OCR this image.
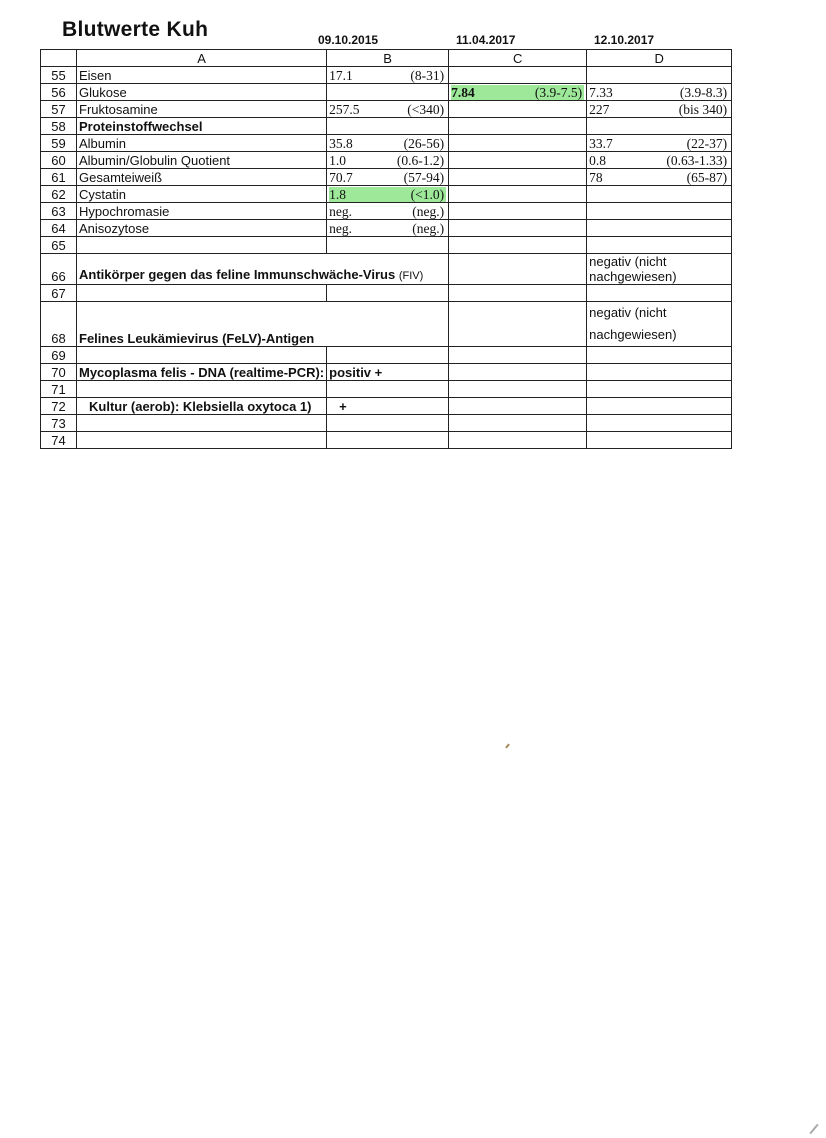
Blutwerte Kuh	09.10.2015	11.04.2017	12.10.2017
	A	B	C	D
55	Eisen	17.1 (8-31)		

56	Glukose		7.84 (3.9-7.5)	7.33 (3.9-8.3)

57	Fruktosamine	257.5 (<340)		227 (bis 340)

58	Proteinstoffwechsel			
59	Albumin	35.8 (26-56)		33.7 (22-37)

60	Albumin/Globulin Quotient	1.0 (0.6-1.2)		0.8 (0.63-1.33)

61	Gesamteiweiß	70.7 (57-94)		78 (65-87)

62	Cystatin	1.8 (<1.0)		

63	Hypochromasie	neg. (neg.)		

64	Anisozytose	neg. (neg.)		

65				
66	Antikörper gegen das feline Immunschwäche-Virus (FIV)			negativ (nicht
nachgewiesen)

67				
68	Felines Leukämievirus (FeLV)-Antigen			negativ (nicht
nachgewiesen)

69				
70	Mycoplasma felis - DNA (realtime-PCR):	positiv +		
71				
72	Kultur (aerob): Klebsiella oxytoca 1)	+		
73				
74				
